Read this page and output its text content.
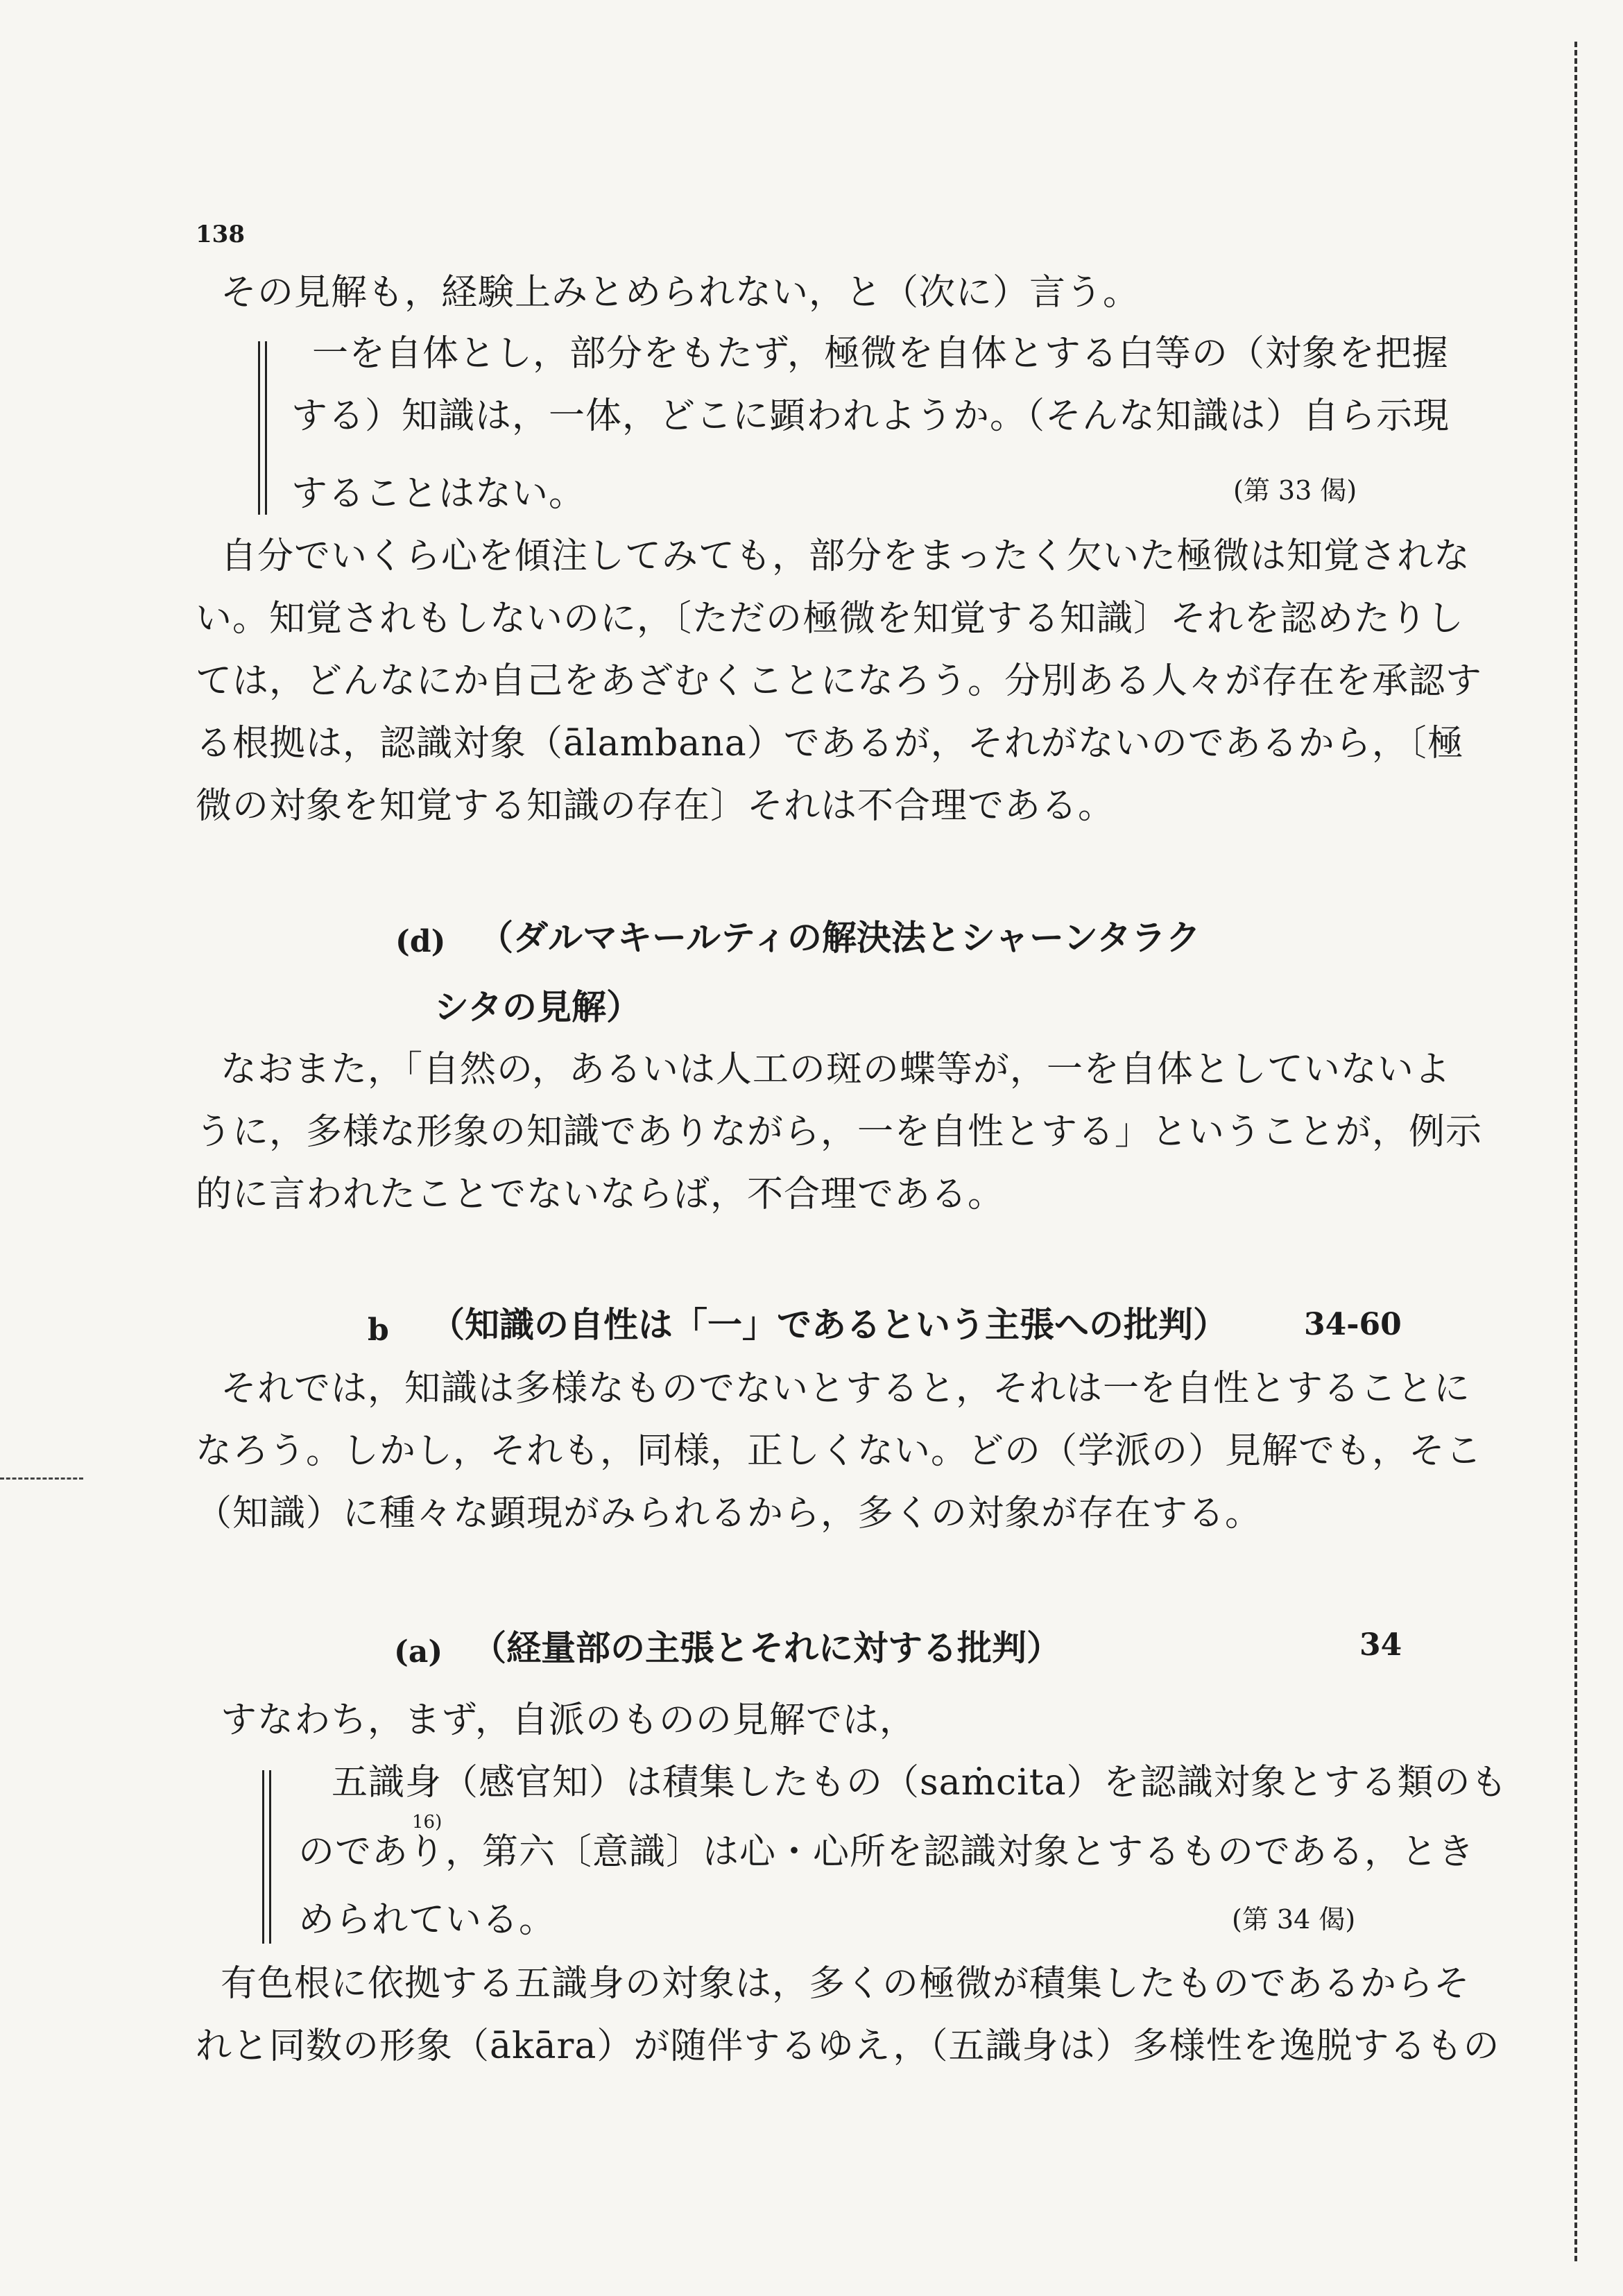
138
その見解も，経験上みとめられない，と（次に）言う。
一を自体とし，部分をもたず，極微を自体とする白等の（対象を把握
する）知識は，一体，どこに顕われようか。（そんな知識は）自ら示現
することはない。	(第 33 偈)
自分でいくら心を傾注してみても，部分をまったく欠いた極微は知覚されな
い。知覚されもしないのに，〔ただの極微を知覚する知識〕それを認めたりし
ては，どんなにか自己をあざむくことになろう。分別ある人々が存在を承認す
る根拠は，認識対象（ālambana）であるが，それがないのであるから，〔極
微の対象を知覚する知識の存在〕それは不合理である。
(d) （ダルマキールティの解決法とシャーンタラク
シタの見解）
なおまた，「自然の，あるいは人工の斑の蝶等が，一を自体としていないよ
うに，多様な形象の知識でありながら，一を自性とする」ということが，例示
的に言われたことでないならば，不合理である。
b （知識の自性は「一」であるという主張への批判）	34-60
それでは，知識は多様なものでないとすると，それは一を自性とすることに
なろう。しかし，それも，同様，正しくない。どの（学派の）見解でも，そこ
（知識）に種々な顕現がみられるから，多くの対象が存在する。
(a) （経量部の主張とそれに対する批判）	34
すなわち，まず，自派のものの見解では，
五識身（感官知）は積集したもの（saṁcita）を認識対象とする類のも
16)
のであり，第六〔意識〕は心・心所を認識対象とするものである，とき
められている。	(第 34 偈)
有色根に依拠する五識身の対象は，多くの極微が積集したものであるからそ
れと同数の形象（ākāra）が随伴するゆえ，（五識身は）多様性を逸脱するもの
